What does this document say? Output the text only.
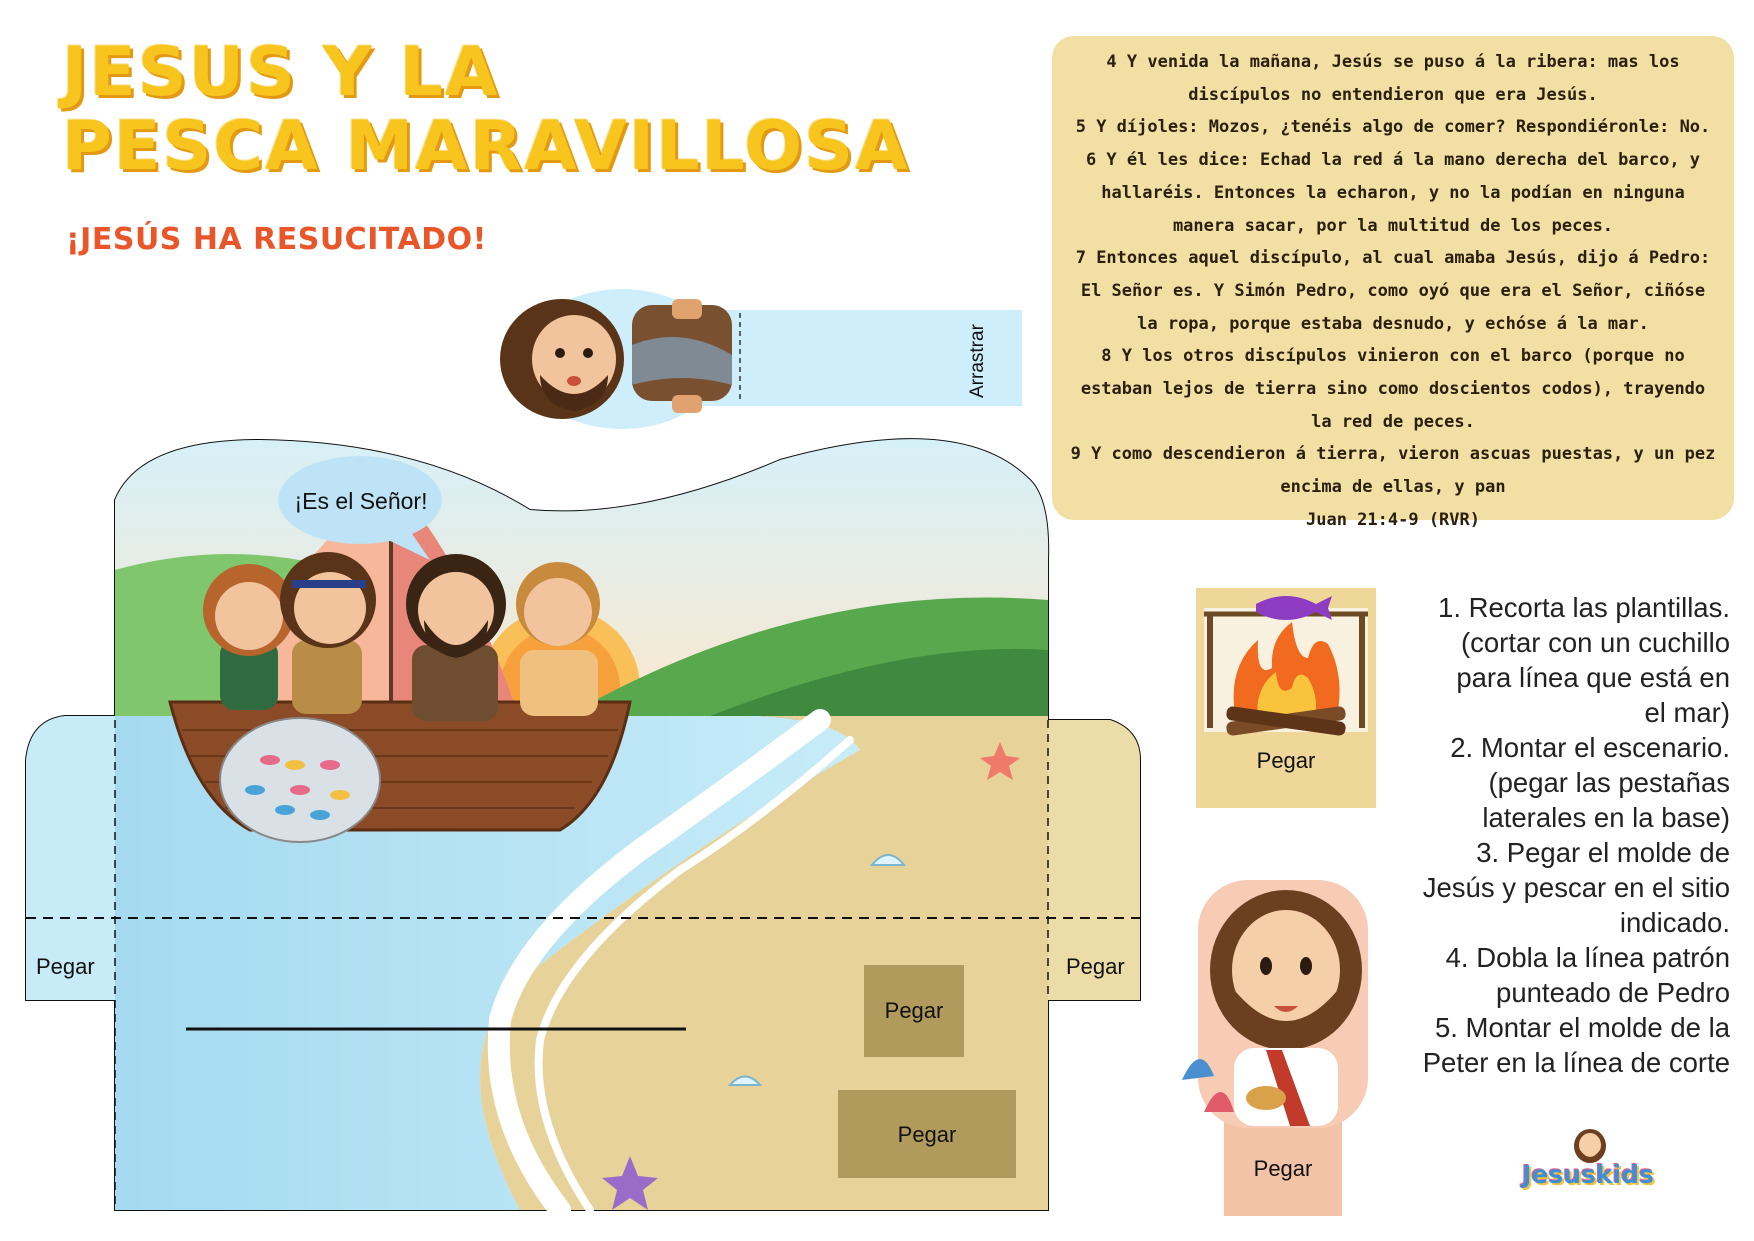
JESUS Y LA
PESCA MARAVILLOSA
¡JESÚS HA RESUCITADO!

4 Y venida la mañana, Jesús se puso á la ribera: mas los discípulos no entendieron que era Jesús.

5 Y díjoles: Mozos, ¿tenéis algo de comer? Respondiéronle: No.

6 Y él les dice: Echad la red á la mano derecha del barco, y hallaréis. Entonces la echaron, y no la podían en ninguna manera sacar, por la multitud de los peces.

7 Entonces aquel discípulo, al cual amaba Jesús, dijo á Pedro: El Señor es. Y Simón Pedro, como oyó que era el Señor, ciñóse la ropa, porque estaba desnudo, y echóse á la mar.

8 Y los otros discípulos vinieron con el barco (porque no estaban lejos de tierra sino como doscientos codos), trayendo la red de peces.

9 Y como descendieron á tierra, vieron ascuas puestas, y un pez encima de ellas, y pan

Juan 21:4-9 (RVR)

Arrastrar
¡Es el Señor!
Pegar	Pegar
Pegar
Pegar
Pegar
Pegar

1. Recorta las plantillas.

(cortar con un cuchillo

para línea que está en

el mar)

2. Montar el escenario.

(pegar las pestañas

laterales en la base)

3. Pegar el molde de

Jesús y pescar en el sitio

indicado.

4. Dobla la línea patrón

punteado de Pedro

5. Montar el molde de la

Peter en la línea de corte

Jesuskids
